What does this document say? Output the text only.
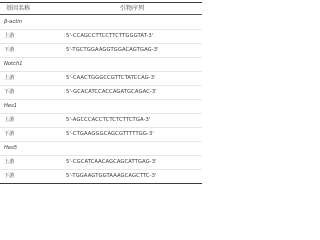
基因名称	引物序列
β-actin
上游	5'-CCAGCCTTCCTTCTTGGGTAT-3'
下游	5'-TGCTGGAAGGTGGACAGTGAG-3'
Notch1
上游	5'-CAACTGGGCCGTTCTATCCAG-3'
下游	5'-GCACATCCACCAGATGCAGAC-3'
Hes1
上游	5'-AGCCCACCTCTCTCTTCTGA-3'
下游	5'-CTGAAGGGCAGCGTTTTTGG-3'
Hes5
上游	5'-CGCATCAACAGCAGCATTGAG-3'
下游	5'-TGGAAGTGGTAAAGCAGCTTC-3'
